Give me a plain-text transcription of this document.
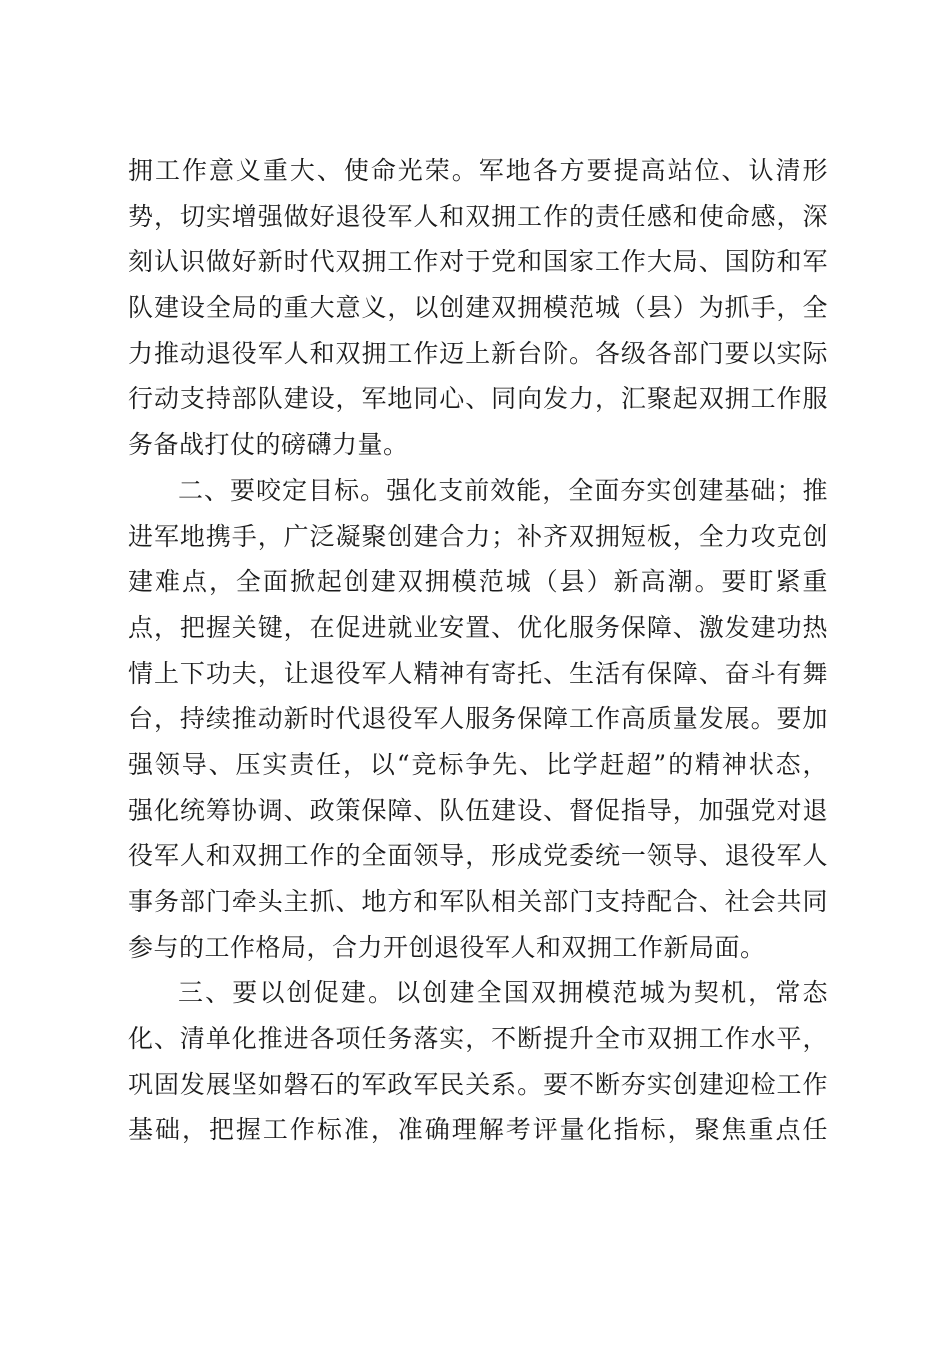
拥工作意义重大、使命光荣。军地各方要提高站位、认清形
势，切实增强做好退役军人和双拥工作的责任感和使命感，深
刻认识做好新时代双拥工作对于党和国家工作大局、国防和军
队建设全局的重大意义，以创建双拥模范城（县）为抓手，全
力推动退役军人和双拥工作迈上新台阶。各级各部门要以实际
行动支持部队建设，军地同心、同向发力，汇聚起双拥工作服
务备战打仗的磅礴力量。
二、要咬定目标。强化支前效能，全面夯实创建基础；推
进军地携手，广泛凝聚创建合力；补齐双拥短板，全力攻克创
建难点，全面掀起创建双拥模范城（县）新高潮。要盯紧重
点，把握关键，在促进就业安置、优化服务保障、激发建功热
情上下功夫，让退役军人精神有寄托、生活有保障、奋斗有舞
台，持续推动新时代退役军人服务保障工作高质量发展。要加
强领导、压实责任，以“竞标争先、比学赶超”的精神状态，
强化统筹协调、政策保障、队伍建设、督促指导，加强党对退
役军人和双拥工作的全面领导，形成党委统一领导、退役军人
事务部门牵头主抓、地方和军队相关部门支持配合、社会共同
参与的工作格局，合力开创退役军人和双拥工作新局面。
三、要以创促建。以创建全国双拥模范城为契机，常态
化、清单化推进各项任务落实，不断提升全市双拥工作水平，
巩固发展坚如磐石的军政军民关系。要不断夯实创建迎检工作
基础，把握工作标准，准确理解考评量化指标，聚焦重点任
